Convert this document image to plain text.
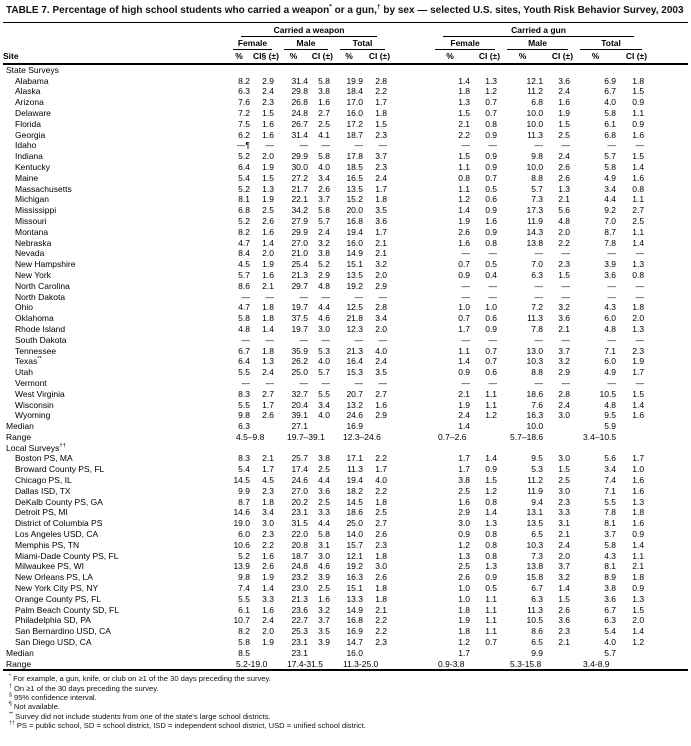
TABLE 7. Percentage of high school students who carried a weapon* or a gun,† by sex — selected U.S. sites, Youth Risk Behavior Survey, 2003

	Carried a weapon							Carried a gun						

	Female		Male		Total			Female		Male		Total		

Site	%	CI§ (±)	%	CI (±)	%	CI (±)		%	CI (±)	%	CI (±)	%	CI (±)	
State Surveys														
Alabama	8.2	2.9	31.4	5.8	19.9	2.8		1.4	1.3	12.1	3.6	6.9	1.8	
Alaska	6.3	2.4	29.8	3.8	18.4	2.2		1.8	1.2	11.2	2.4	6.7	1.5	
Arizona	7.6	2.3	26.8	1.6	17.0	1.7		1.3	0.7	6.8	1.6	4.0	0.9	
Delaware	7.2	1.5	24.8	2.7	16.0	1.8		1.5	0.7	10.0	1.9	5.8	1.1	
Florida	7.5	1.6	26.7	2.5	17.2	1.5		2.1	0.8	10.0	1.5	6.1	0.9	
Georgia	6.2	1.6	31.4	4.1	18.7	2.3		2.2	0.9	11.3	2.5	6.8	1.6	
Idaho	—¶	—	—	—	—	—		—	—	—	—	—	—	
Indiana	5.2	2.0	29.9	5.8	17.8	3.7		1.5	0.9	9.8	2.4	5.7	1.5	
Kentucky	6.4	1.9	30.0	4.0	18.5	2.3		1.1	0.9	10.0	2.6	5.8	1.4	
Maine	5.4	1.5	27.2	3.4	16.5	2.4		0.8	0.7	8.8	2.6	4.9	1.6	
Massachusetts	5.2	1.3	21.7	2.6	13.5	1.7		1.1	0.5	5.7	1.3	3.4	0.8	
Michigan	8.1	1.9	22.1	3.7	15.2	1.8		1.2	0.6	7.3	2.1	4.4	1.1	
Mississippi	6.8	2.5	34.2	5.8	20.0	3.5		1.4	0.9	17.3	5.6	9.2	2.7	
Missouri	5.2	2.6	27.9	5.7	16.8	3.6		1.9	1.6	11.9	4.8	7.0	2.5	
Montana	8.2	1.6	29.9	2.4	19.4	1.7		2.6	0.9	14.3	2.0	8.7	1.1	
Nebraska	4.7	1.4	27.0	3.2	16.0	2.1		1.6	0.8	13.8	2.2	7.8	1.4	
Nevada	8.4	2.0	21.0	3.8	14.9	2.1		—	—	—	—	—	—	
New Hampshire	4.5	1.9	25.4	5.2	15.1	3.2		0.7	0.5	7.0	2.3	3.9	1.3	
New York	5.7	1.6	21.3	2.9	13.5	2.0		0.9	0.4	6.3	1.5	3.6	0.8	
North Carolina	8.6	2.1	29.7	4.8	19.2	2.9		—	—	—	—	—	—	
North Dakota	—	—	—	—	—	—		—	—	—	—	—	—	
Ohio	4.7	1.8	19.7	4.4	12.5	2.8		1.0	1.0	7.2	3.2	4.3	1.8	
Oklahoma	5.8	1.8	37.5	4.6	21.8	3.4		0.7	0.6	11.3	3.6	6.0	2.0	
Rhode Island	4.8	1.4	19.7	3.0	12.3	2.0		1.7	0.9	7.8	2.1	4.8	1.3	
South Dakota	—	—	—	—	—	—		—	—	—	—	—	—	
Tennessee	6.7	1.8	35.9	5.3	21.3	4.0		1.1	0.7	13.0	3.7	7.1	2.3	
Texas**	6.4	1.3	26.2	4.0	16.4	2.4		1.4	0.7	10.3	3.2	6.0	1.9	
Utah	5.5	2.4	25.0	5.7	15.3	3.5		0.9	0.6	8.8	2.9	4.9	1.7	
Vermont	—	—	—	—	—	—		—	—	—	—	—	—	
West Virginia	8.3	2.7	32.7	5.5	20.7	2.7		2.1	1.1	18.6	2.8	10.5	1.5	
Wisconsin	5.5	1.7	20.4	3.4	13.2	1.6		1.9	1.1	7.6	2.4	4.8	1.4	
Wyoming	9.8	2.6	39.1	4.0	24.6	2.9		2.4	1.2	16.3	3.0	9.5	1.6	
Median	6.3		27.1		16.9			1.4		10.0		5.9		
Range	4.5–9.8		19.7–39.1		12.3–24.6			0.7–2.6		5.7–18.6		3.4–10.5		
Local Surveys††
Boston PS, MA	8.3	2.1	25.7	3.8	17.1	2.2		1.7	1.4	9.5	3.0	5.6	1.7	
Broward County PS, FL	5.4	1.7	17.4	2.5	11.3	1.7		1.7	0.9	5.3	1.5	3.4	1.0	
Chicago PS, IL	14.5	4.5	24.6	4.4	19.4	4.0		3.8	1.5	11.2	2.5	7.4	1.6	
Dallas ISD, TX	9.9	2.3	27.0	3.6	18.2	2.2		2.5	1.2	11.9	3.0	7.1	1.6	
DeKalb County PS, GA	8.7	1.8	20.2	2.5	14.5	1.8		1.6	0.8	9.4	2.3	5.5	1.3	
Detroit PS, MI	14.6	3.4	23.1	3.3	18.6	2.5		2.9	1.4	13.1	3.3	7.8	1.8	
District of Columbia PS	19.0	3.0	31.5	4.4	25.0	2.7		3.0	1.3	13.5	3.1	8.1	1.6	
Los Angeles USD, CA	6.0	2.3	22.0	5.8	14.0	2.6		0.9	0.8	6.5	2.1	3.7	0.9	
Memphis PS, TN	10.6	2.2	20.8	3.1	15.7	2.3		1.2	0.8	10.3	2.4	5.8	1.4	
Miami-Dade County PS, FL	5.2	1.6	18.7	3.0	12.1	1.8		1.3	0.8	7.3	2.0	4.3	1.1	
Milwaukee PS, WI	13.9	2.6	24.8	4.6	19.2	3.0		2.5	1.3	13.8	3.7	8.1	2.1	
New Orleans PS, LA	9.8	1.9	23.2	3.9	16.3	2.6		2.6	0.9	15.8	3.2	8.9	1.8	
New York City PS, NY	7.4	1.4	23.0	2.5	15.1	1.8		1.0	0.5	6.7	1.4	3.8	0.9	
Orange County PS, FL	5.5	3.3	21.3	1.6	13.3	1.8		1.0	1.1	6.3	1.5	3.6	1.3	
Palm Beach County SD, FL	6.1	1.6	23.6	3.2	14.9	2.1		1.8	1.1	11.3	2.6	6.7	1.5	
Philadelphia SD, PA	10.7	2.4	22.7	3.7	16.8	2.2		1.9	1.1	10.5	3.6	6.3	2.0	
San Bernardino USD, CA	8.2	2.0	25.3	3.5	16.9	2.2		1.8	1.1	8.6	2.3	5.4	1.4	
San Diego USD, CA	5.8	1.9	23.1	3.9	14.7	2.3		1.2	0.7	6.5	2.1	4.0	1.2	
Median	8.5		23.1		16.0			1.7		9.9		5.7		
Range	5.2-19.0		17.4-31.5		11.3-25.0			0.9-3.8		5.3-15.8		3.4-8.9		
* For example, a gun, knife, or club on ≥1 of the 30 days preceding the survey.
† On ≥1 of the 30 days preceding the survey.
§ 95% confidence interval.
¶ Not available.
** Survey did not include students from one of the state's large school districts.
†† PS = public school, SD = school district, ISD = independent school district, USD = unified school district.
